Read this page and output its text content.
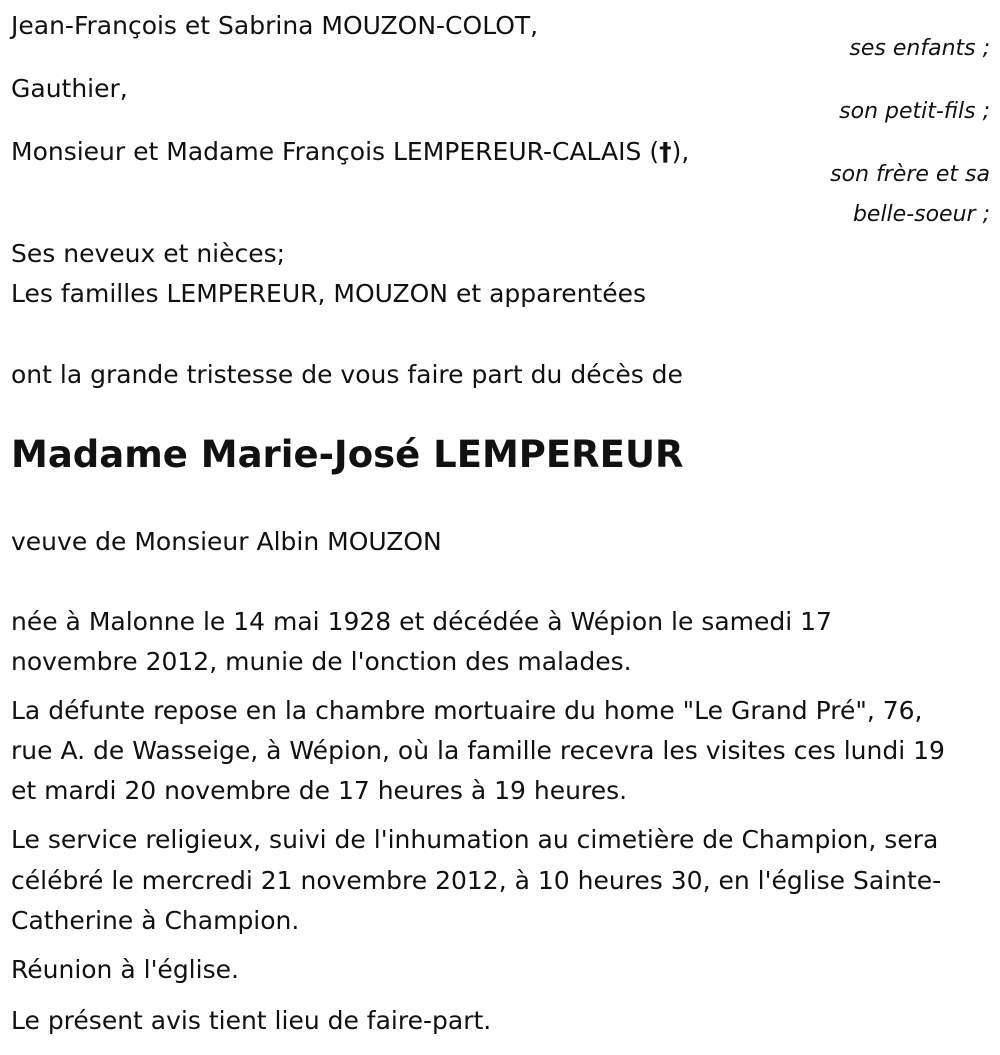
Jean-François et Sabrina MOUZON-COLOT,

Gauthier,

Monsieur et Madame François LEMPEREUR-CALAIS (†),

ses enfants ;

son petit-fils ;

son frère et sa

belle-soeur ;

Ses neveux et nièces;

Les familles LEMPEREUR, MOUZON et apparentées

ont la grande tristesse de vous faire part du décès de

Madame Marie-José LEMPEREUR

veuve de Monsieur Albin MOUZON

née à Malonne le 14 mai 1928 et décédée à Wépion le samedi 17

novembre 2012, munie de l'onction des malades.

La défunte repose en la chambre mortuaire du home "Le Grand Pré", 76,

rue A. de Wasseige, à Wépion, où la famille recevra les visites ces lundi 19

et mardi 20 novembre de 17 heures à 19 heures.

Le service religieux, suivi de l'inhumation au cimetière de Champion, sera

célébré le mercredi 21 novembre 2012, à 10 heures 30, en l'église Sainte-

Catherine à Champion.

Réunion à l'église.

Le présent avis tient lieu de faire-part.
